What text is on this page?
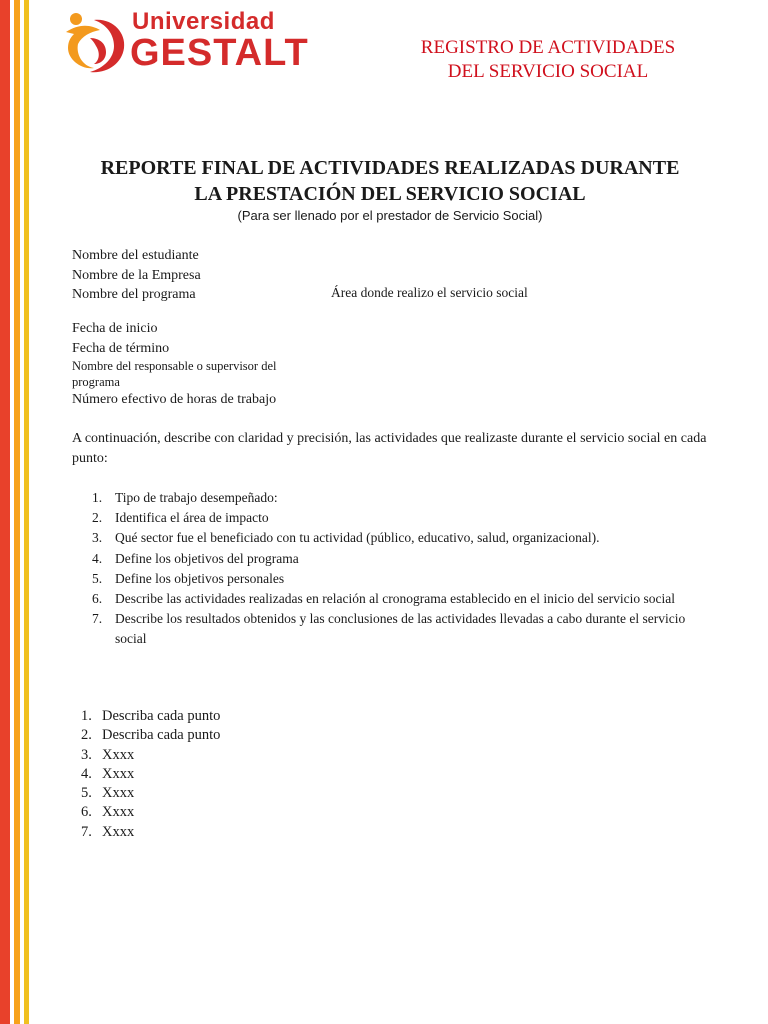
Universidad
GESTALT	REGISTRO DE ACTIVIDADES
DEL SERVICIO SOCIAL
REPORTE FINAL DE ACTIVIDADES REALIZADAS DURANTE
LA PRESTACIÓN DEL SERVICIO SOCIAL
(Para ser llenado por el prestador de Servicio Social)
Nombre del estudiante
Nombre de la Empresa
Nombre del programa	Área donde realizo el servicio social
Fecha de inicio
Fecha de término
Nombre del responsable o supervisor del
programa
Número efectivo de horas de trabajo
A continuación, describe con claridad y precisión, las actividades que realizaste durante el servicio social en cada punto:
1. Tipo de trabajo desempeñado:
2. Identifica el área de impacto
3. Qué sector fue el beneficiado con tu actividad (público, educativo, salud, organizacional).
4. Define los objetivos del programa
5. Define los objetivos personales
6. Describe las actividades realizadas en relación al cronograma establecido en el inicio del servicio social
7. Describe los resultados obtenidos y las conclusiones de las actividades llevadas a cabo durante el servicio social
1. Describa cada punto
2. Describa cada punto
3. Xxxx
4. Xxxx
5. Xxxx
6. Xxxx
7. Xxxx
